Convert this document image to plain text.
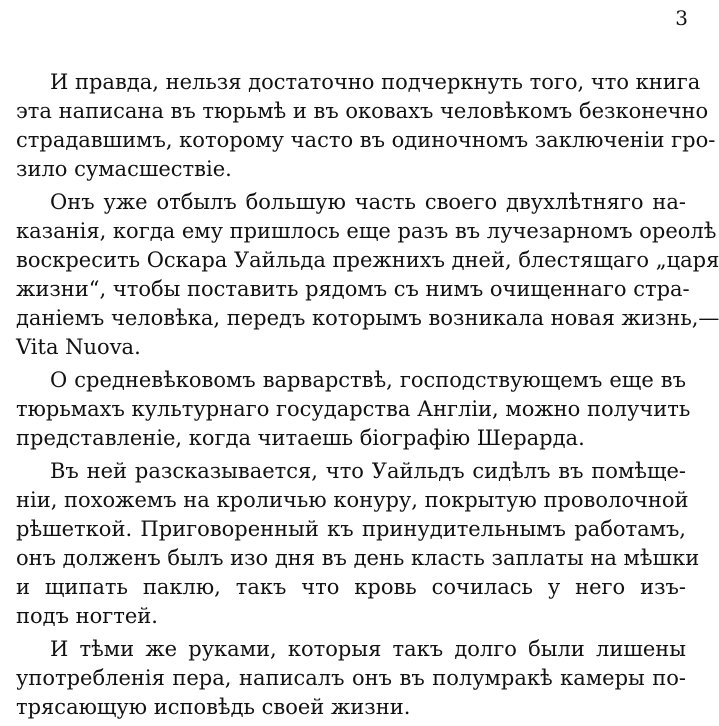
3
И правда, нельзя достаточно подчеркнуть того, что книга
эта написана въ тюрьмѣ и въ оковахъ человѣкомъ безконечно
страдавшимъ, которому часто въ одиночномъ заключенiи гро-
зило сумасшествiе.
Онъ уже отбылъ большую часть своего двухлѣтняго на-
казанiя, когда ему пришлось еще разъ въ лучезарномъ ореолѣ
воскресить Оскара Уайльда прежнихъ дней, блестящаго „царя
жизни“, чтобы поставить рядомъ съ нимъ очищеннаго стра-
данiемъ человѣка, передъ которымъ возникала новая жизнь,—
Vita Nuova.
О средневѣковомъ варварствѣ, господствующемъ еще въ
тюрьмахъ культурнаго государства Англiи, можно получить
представленiе, когда читаешь бiографiю Шерарда.
Въ ней разсказывается, что Уайльдъ сидѣлъ въ помѣще-
нiи, похожемъ на кроличью конуру, покрытую проволочной
рѣшеткой. Приговоренный къ принудительнымъ работамъ,
онъ долженъ былъ изо дня въ день класть заплаты на мѣшки
и щипать паклю, такъ что кровь сочилась у него изъ-
подъ ногтей.
И тѣми же руками, которыя такъ долго были лишены
употребленiя пера, написалъ онъ въ полумракѣ камеры по-
трясающую исповѣдь своей жизни.
